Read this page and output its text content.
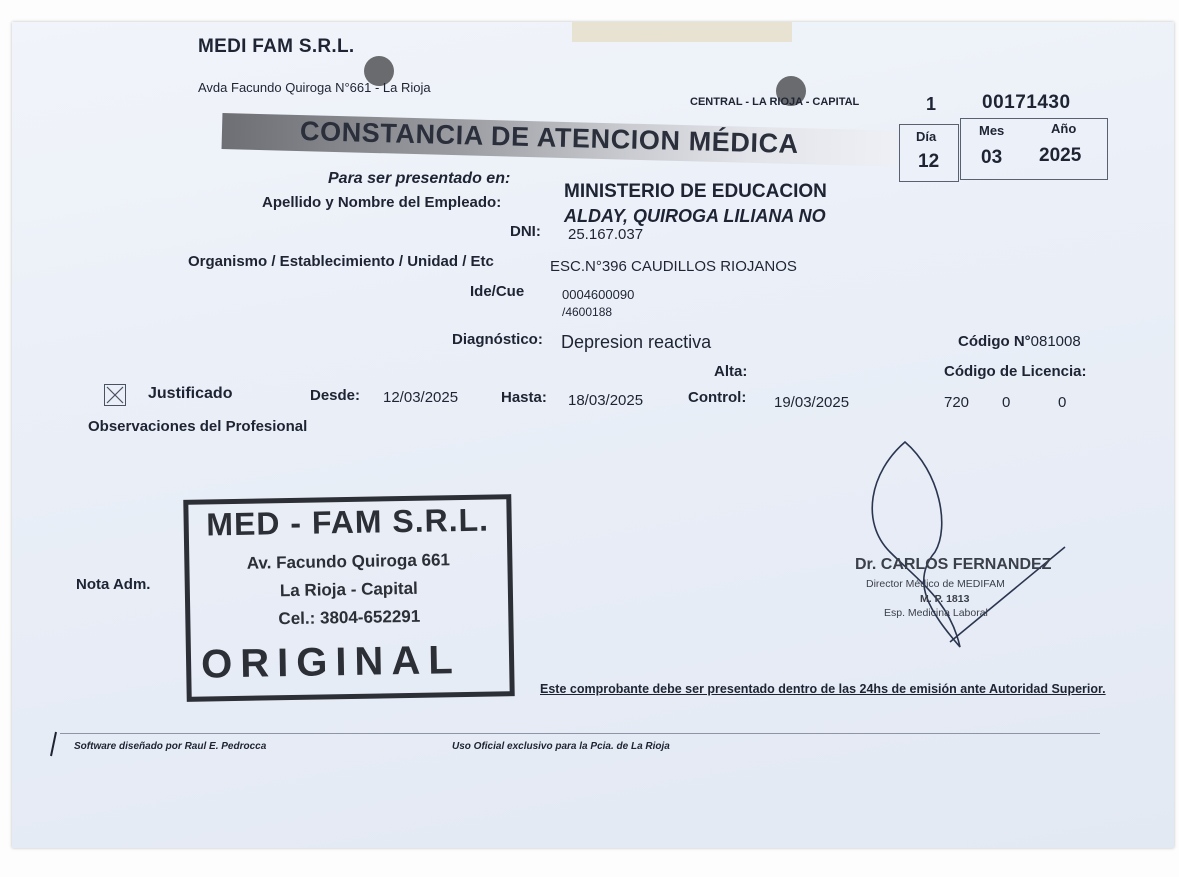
MEDI FAM S.R.L.
Avda Facundo Quiroga N°661 - La Rioja
CENTRAL - LA RIOJA - CAPITAL	1 00171430
CONSTANCIA DE ATENCION MÉDICA	Día
12
Mes
03
Año
2025
Para ser presentado en:
MINISTERIO DE EDUCACION
Apellido y Nombre del Empleado:
ALDAY, QUIROGA LILIANA NO
DNI: 25.167.037
Organismo / Establecimiento / Unidad / Etc	ESC.N°396 CAUDILLOS RIOJANOS
Ide/Cue	0004600090
/4600188
Diagnóstico: Depresion reactiva	Código N°081008
Alta:	Código de Licencia:
Justificado	Desde: 12/03/2025	Hasta: 18/03/2025	Control: 19/03/2025	720 0	0
Observaciones del Profesional
Nota Adm.
MED - FAM S.R.L.
Av. Facundo Quiroga 661
La Rioja - Capital
Cel.: 3804-652291
ORIGINAL
Dr. CARLOS FERNANDEZ
Director Médico de MEDIFAM
M. P. 1813
Esp. Medicina Laboral
Este comprobante debe ser presentado dentro de las 24hs de emisión ante Autoridad Superior.
Software diseñado por Raul E. Pedrocca	Uso Oficial exclusivo para la Pcia. de La Rioja
